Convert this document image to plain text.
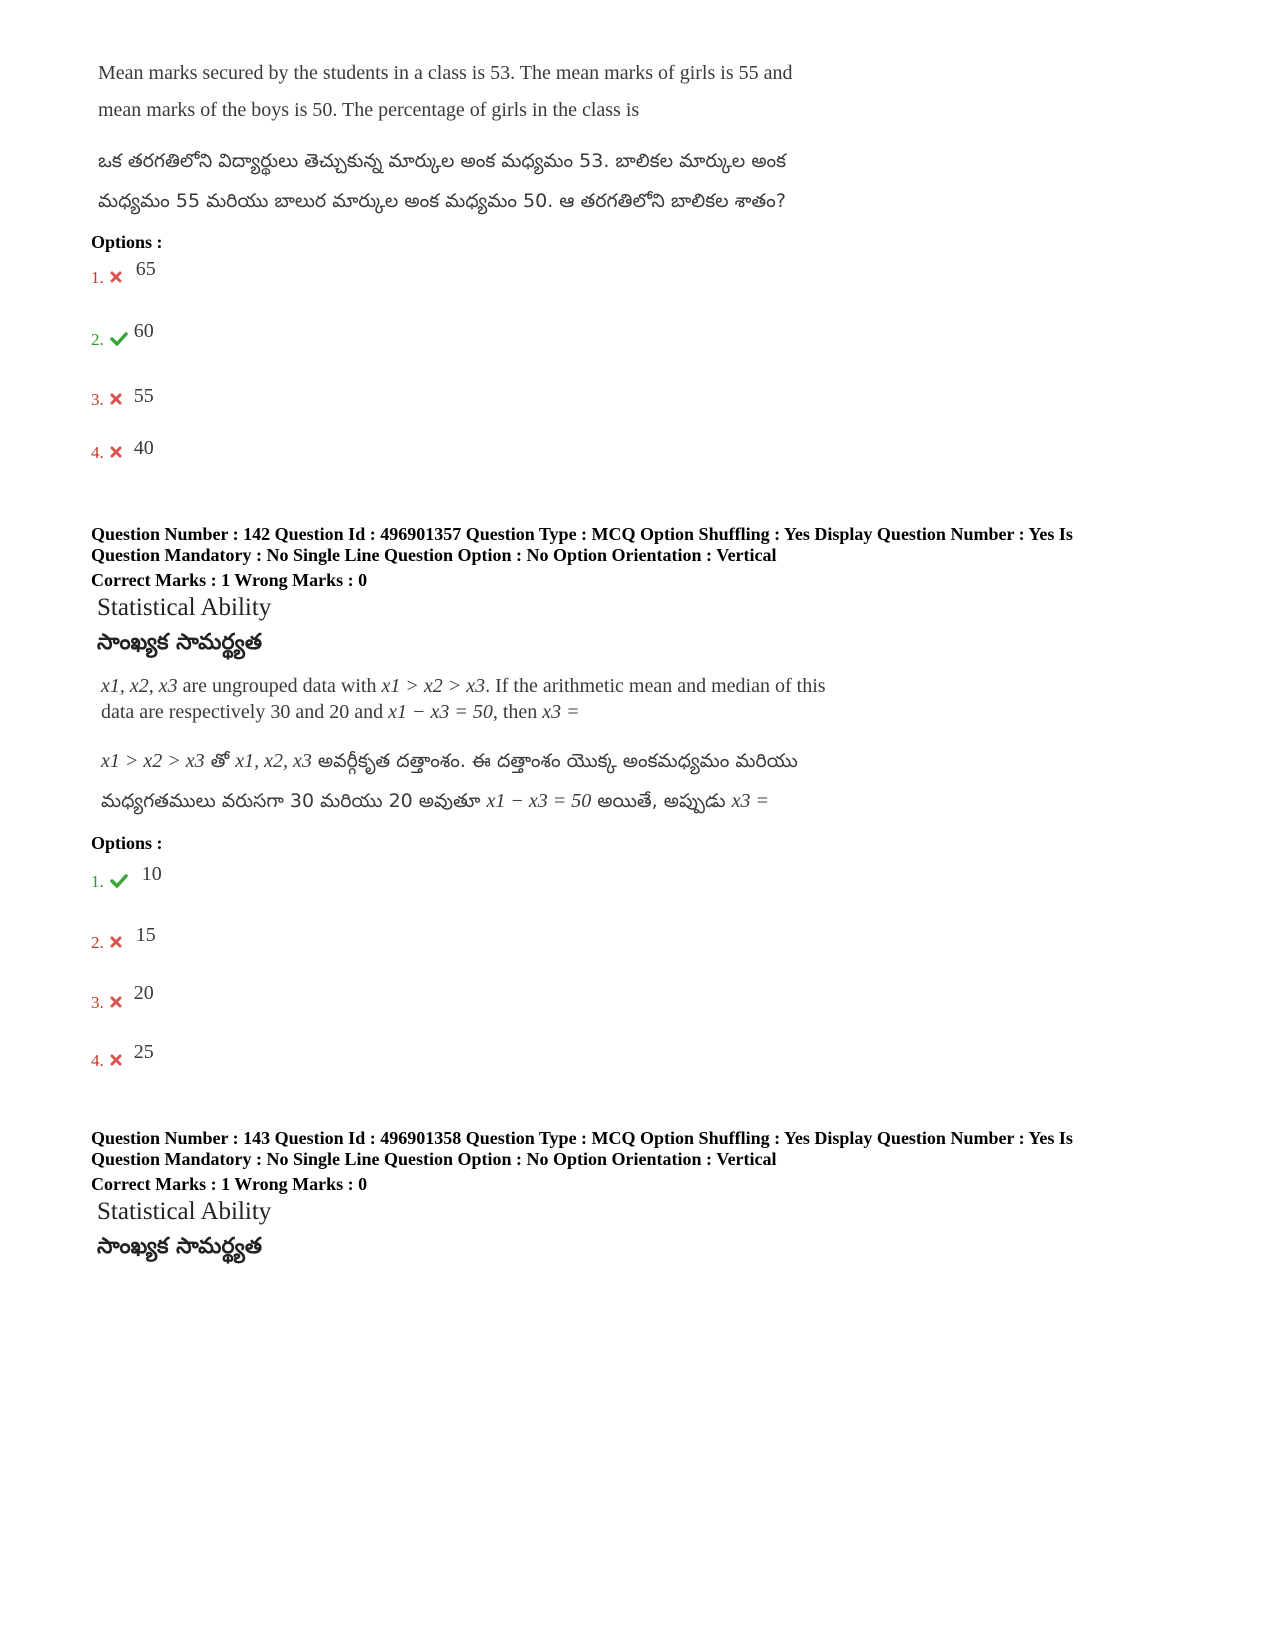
Mean marks secured by the students in a class is 53. The mean marks of girls is 55 and
mean marks of the boys is 50. The percentage of girls in the class is
ఒక తరగతిలోని విద్యార్థులు తెచ్చుకున్న మార్కుల అంక మధ్యమం 53. బాలికల మార్కుల అంక
మధ్యమం 55 మరియు బాలుర మార్కుల అంక మధ్యమం 50. ఆ తరగతిలోని బాలికల శాతం?
Options :
1. 65
2. 60
3. 55
4. 40
Question Number : 142 Question Id : 496901357 Question Type : MCQ Option Shuffling : Yes Display Question Number : Yes Is
Question Mandatory : No Single Line Question Option : No Option Orientation : Vertical
Correct Marks : 1 Wrong Marks : 0
Statistical Ability
సాంఖ్యక సామర్థ్యత
x1, x2, x3 are ungrouped data with x1 > x2 > x3. If the arithmetic mean and median of this
data are respectively 30 and 20 and x1 − x3 = 50, then x3 =
x1 > x2 > x3 తో x1, x2, x3 అవర్గీకృత దత్తాంశం. ఈ దత్తాంశం యొక్క అంకమధ్యమం మరియు
మధ్యగతములు వరుసగా 30 మరియు 20 అవుతూ x1 − x3 = 50 అయితే, అప్పుడు x3 =
Options :
1. 10
2. 15
3. 20
4. 25
Question Number : 143 Question Id : 496901358 Question Type : MCQ Option Shuffling : Yes Display Question Number : Yes Is
Question Mandatory : No Single Line Question Option : No Option Orientation : Vertical
Correct Marks : 1 Wrong Marks : 0
Statistical Ability
సాంఖ్యక సామర్థ్యత
